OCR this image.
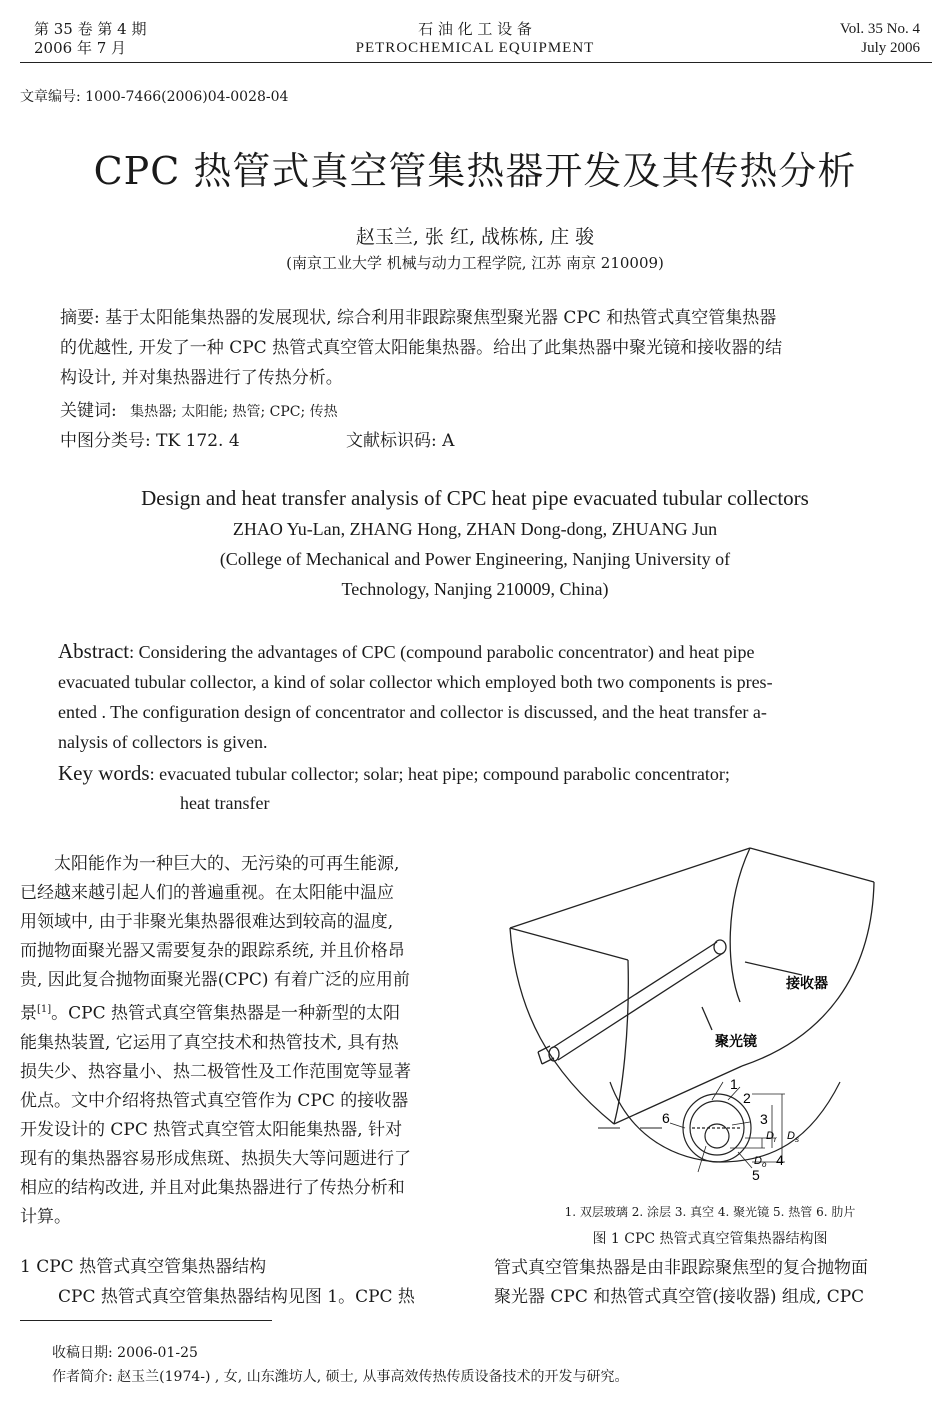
第 35 卷 第 4 期
2006 年 7 月
石 油 化 工 设 备
PETROCHEMICAL EQUIPMENT
Vol. 35 No. 4
July 2006
文章编号: 1000-7466(2006)04-0028-04
CPC 热管式真空管集热器开发及其传热分析
赵玉兰, 张 红, 战栋栋, 庄 骏
(南京工业大学 机械与动力工程学院, 江苏 南京 210009)
摘要: 基于太阳能集热器的发展现状, 综合利用非跟踪聚焦型聚光器 CPC 和热管式真空管集热器
的优越性, 开发了一种 CPC 热管式真空管太阳能集热器。给出了此集热器中聚光镜和接收器的结
构设计, 并对集热器进行了传热分析。
关键词: 集热器; 太阳能; 热管; CPC; 传热
中图分类号: TK 172. 4	文献标识码: A
Design and heat transfer analysis of CPC heat pipe evacuated tubular collectors
ZHAO Yu-Lan, ZHANG Hong, ZHAN Dong-dong, ZHUANG Jun
(College of Mechanical and Power Engineering, Nanjing University of
Technology, Nanjing 210009, China)
Abstract: Considering the advantages of CPC (compound parabolic concentrator) and heat pipe
evacuated tubular collector, a kind of solar collector which employed both two components is pres-
ented . The configuration design of concentrator and collector is discussed, and the heat transfer a-
nalysis of collectors is given.
Key words: evacuated tubular collector; solar; heat pipe; compound parabolic concentrator;
heat transfer
太阳能作为一种巨大的、无污染的可再生能源,
已经越来越引起人们的普遍重视。在太阳能中温应
用领域中, 由于非聚光集热器很难达到较高的温度,
而抛物面聚光器又需要复杂的跟踪系统, 并且价格昂
贵, 因此复合抛物面聚光器(CPC) 有着广泛的应用前
景[1]。CPC 热管式真空管集热器是一种新型的太阳
能集热装置, 它运用了真空技术和热管技术, 具有热
损失少、热容量小、热二极管性及工作范围宽等显著
优点。文中介绍将热管式真空管作为 CPC 的接收器
开发设计的 CPC 热管式真空管太阳能集热器, 针对
现有的集热器容易形成焦斑、热损失大等问题进行了
相应的结构改进, 并且对此集热器进行了传热分析和
计算。
1 CPC 热管式真空管集热器结构
CPC 热管式真空管集热器结构见图 1。CPC 热
接收器
聚光镜
1
2
3
4
5
6
$D_o$
$D_r$ $D_s$
1. 双层玻璃 2. 涂层 3. 真空 4. 聚光镜 5. 热管 6. 肋片
图 1 CPC 热管式真空管集热器结构图
管式真空管集热器是由非跟踪聚焦型的复合抛物面
聚光器 CPC 和热管式真空管(接收器) 组成, CPC
收稿日期: 2006-01-25
作者简介: 赵玉兰(1974-) , 女, 山东潍坊人, 硕士, 从事高效传热传质设备技术的开发与研究。
